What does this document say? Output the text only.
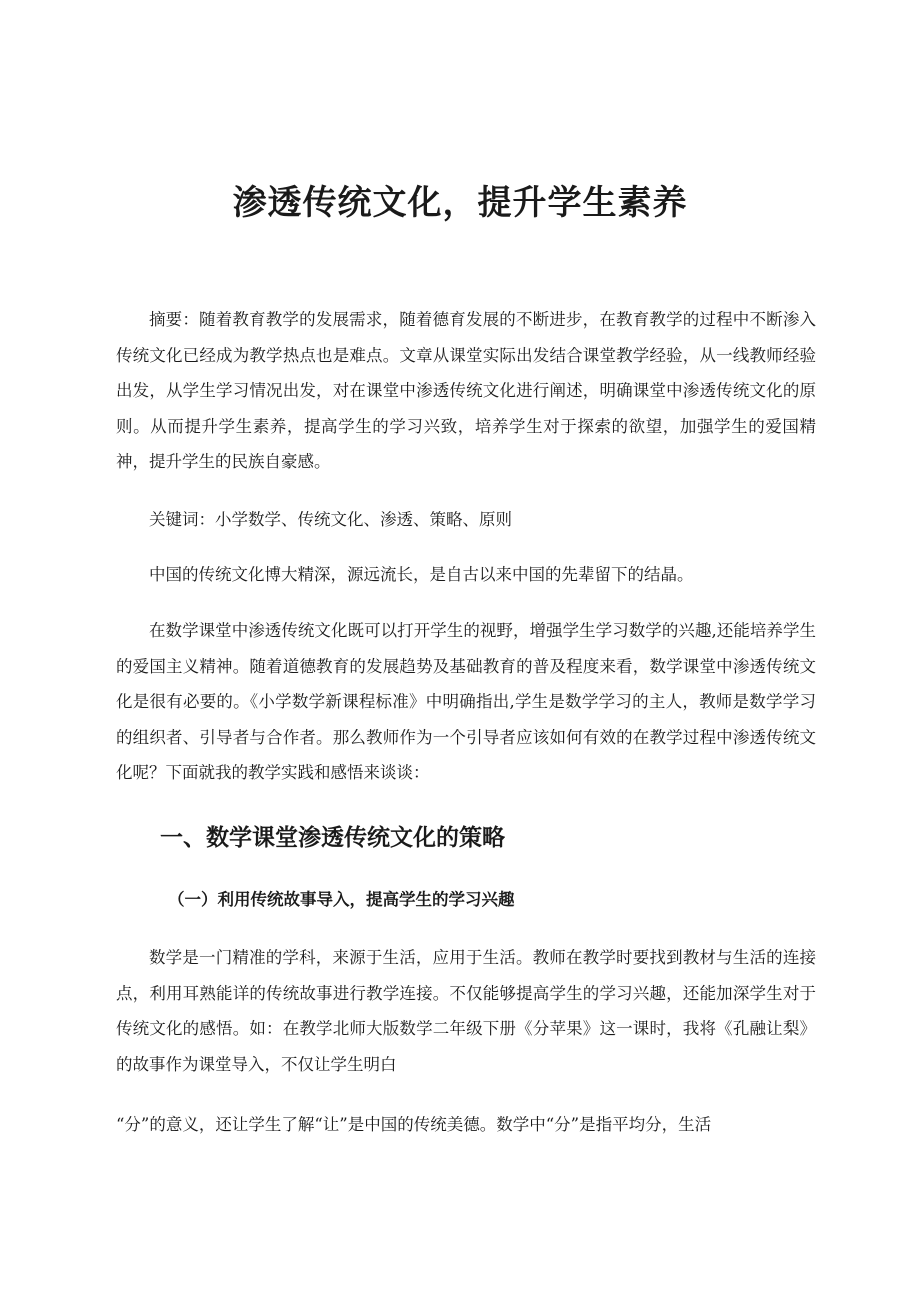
渗透传统文化，提升学生素养

摘要：随着教育教学的发展需求，随着德育发展的不断进步，在教育教学的过程中不断渗入传统文化已经成为教学热点也是难点。文章从课堂实际出发结合课堂教学经验，从一线教师经验出发，从学生学习情况出发，对在课堂中渗透传统文化进行阐述，明确课堂中渗透传统文化的原则。从而提升学生素养，提高学生的学习兴致，培养学生对于探索的欲望，加强学生的爱国精神，提升学生的民族自豪感。

关键词：小学数学、传统文化、渗透、策略、原则

中国的传统文化博大精深，源远流长，是自古以来中国的先辈留下的结晶。

在数学课堂中渗透传统文化既可以打开学生的视野，增强学生学习数学的兴趣,还能培养学生的爱国主义精神。随着道德教育的发展趋势及基础教育的普及程度来看，数学课堂中渗透传统文化是很有必要的。《小学数学新课程标准》中明确指出,学生是数学学习的主人，教师是数学学习的组织者、引导者与合作者。那么教师作为一个引导者应该如何有效的在教学过程中渗透传统文化呢？下面就我的教学实践和感悟来谈谈：

一、数学课堂渗透传统文化的策略
（一）利用传统故事导入，提高学生的学习兴趣

数学是一门精准的学科，来源于生活，应用于生活。教师在教学时要找到教材与生活的连接点，利用耳熟能详的传统故事进行教学连接。不仅能够提高学生的学习兴趣，还能加深学生对于传统文化的感悟。如：在教学北师大版数学二年级下册《分苹果》这一课时，我将《孔融让梨》的故事作为课堂导入，不仅让学生明白

“分”的意义，还让学生了解“让”是中国的传统美德。数学中“分”是指平均分，生活
